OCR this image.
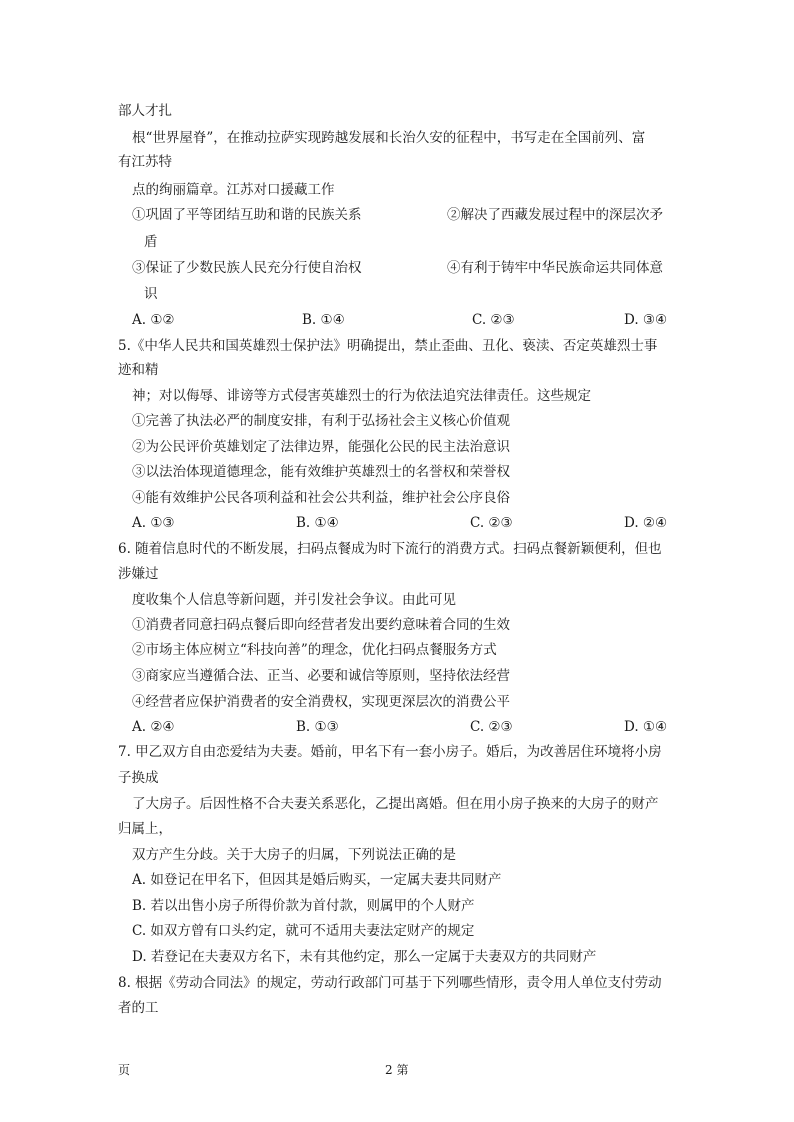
部人才扎
根“世界屋脊”，在推动拉萨实现跨越发展和长治久安的征程中，书写走在全国前列、富
有江苏特
点的绚丽篇章。江苏对口援藏工作
①巩固了平等团结互助和谐的民族关系	②解决了西藏发展过程中的深层次矛
盾
③保证了少数民族人民充分行使自治权	④有利于铸牢中华民族命运共同体意
识
A. ①②	B. ①④	C. ②③	D. ③④
5.《中华人民共和国英雄烈士保护法》明确提出，禁止歪曲、丑化、亵渎、否定英雄烈士事
迹和精
神；对以侮辱、诽谤等方式侵害英雄烈士的行为依法追究法律责任。这些规定
①完善了执法必严的制度安排，有利于弘扬社会主义核心价值观
②为公民评价英雄划定了法律边界，能强化公民的民主法治意识
③以法治体现道德理念，能有效维护英雄烈士的名誉权和荣誉权
④能有效维护公民各项利益和社会公共利益，维护社会公序良俗
A. ①③	B. ①④	C. ②③	D. ②④
6. 随着信息时代的不断发展，扫码点餐成为时下流行的消费方式。扫码点餐新颖便利，但也
涉嫌过
度收集个人信息等新问题，并引发社会争议。由此可见
①消费者同意扫码点餐后即向经营者发出要约意味着合同的生效
②市场主体应树立“科技向善”的理念，优化扫码点餐服务方式
③商家应当遵循合法、正当、必要和诚信等原则，坚持依法经营
④经营者应保护消费者的安全消费权，实现更深层次的消费公平
A. ②④	B. ①③	C. ②③	D. ①④
7. 甲乙双方自由恋爱结为夫妻。婚前，甲名下有一套小房子。婚后，为改善居住环境将小房
子换成
了大房子。后因性格不合夫妻关系恶化，乙提出离婚。但在用小房子换来的大房子的财产
归属上，
双方产生分歧。关于大房子的归属，下列说法正确的是
A. 如登记在甲名下，但因其是婚后购买，一定属夫妻共同财产
B. 若以出售小房子所得价款为首付款，则属甲的个人财产
C. 如双方曾有口头约定，就可不适用夫妻法定财产的规定
D. 若登记在夫妻双方名下，未有其他约定，那么一定属于夫妻双方的共同财产
8. 根据《劳动合同法》的规定，劳动行政部门可基于下列哪些情形，责令用人单位支付劳动
者的工
页	2 第
